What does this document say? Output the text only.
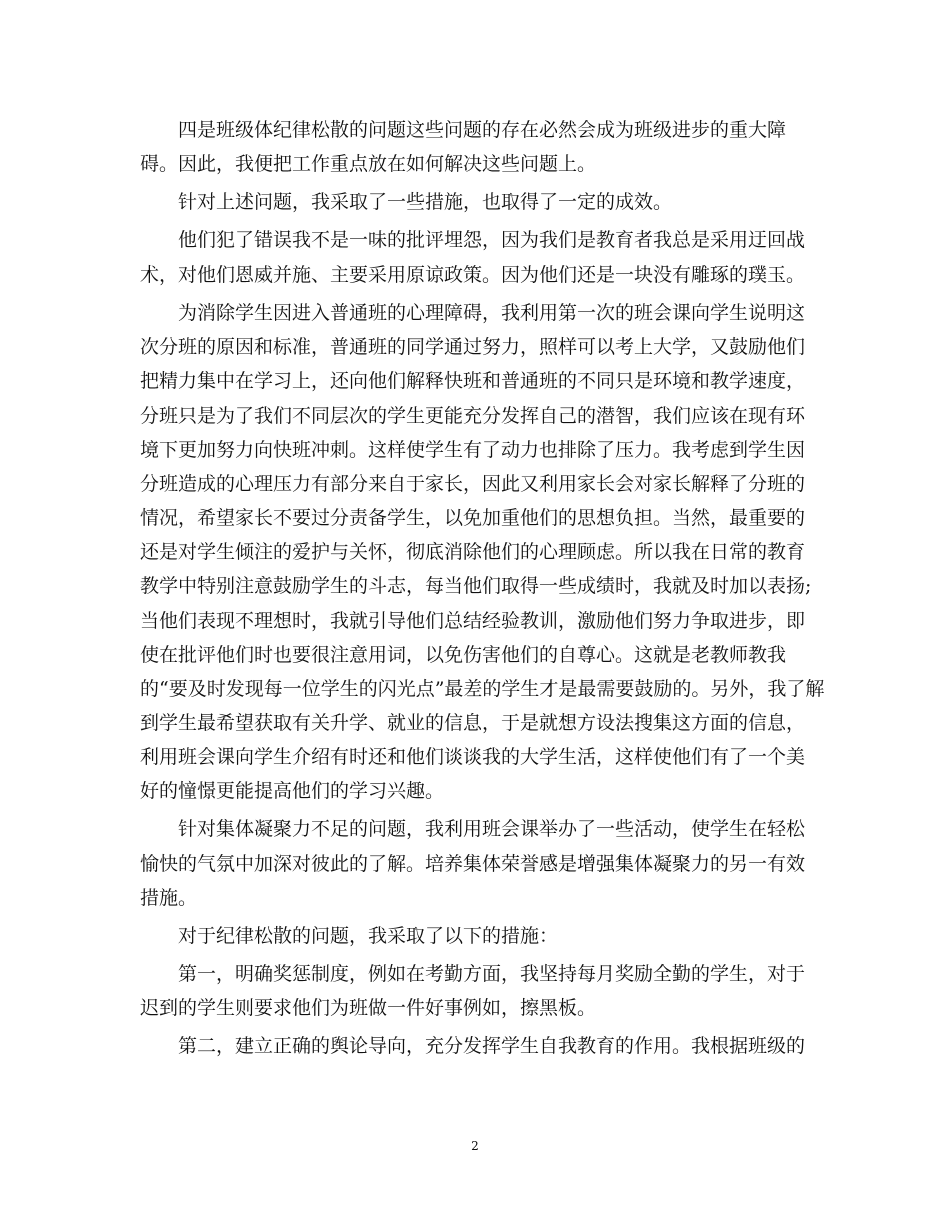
四是班级体纪律松散的问题这些问题的存在必然会成为班级进步的重大障
碍。因此，我便把工作重点放在如何解决这些问题上。
针对上述问题，我采取了一些措施，也取得了一定的成效。
他们犯了错误我不是一味的批评埋怨，因为我们是教育者我总是采用迂回战
术，对他们恩威并施、主要采用原谅政策。因为他们还是一块没有雕琢的璞玉。
为消除学生因进入普通班的心理障碍，我利用第一次的班会课向学生说明这
次分班的原因和标准，普通班的同学通过努力，照样可以考上大学，又鼓励他们
把精力集中在学习上，还向他们解释快班和普通班的不同只是环境和教学速度，
分班只是为了我们不同层次的学生更能充分发挥自己的潜智，我们应该在现有环
境下更加努力向快班冲刺。这样使学生有了动力也排除了压力。我考虑到学生因
分班造成的心理压力有部分来自于家长，因此又利用家长会对家长解释了分班的
情况，希望家长不要过分责备学生，以免加重他们的思想负担。当然，最重要的
还是对学生倾注的爱护与关怀，彻底消除他们的心理顾虑。所以我在日常的教育
教学中特别注意鼓励学生的斗志，每当他们取得一些成绩时，我就及时加以表扬;
当他们表现不理想时，我就引导他们总结经验教训，激励他们努力争取进步，即
使在批评他们时也要很注意用词，以免伤害他们的自尊心。这就是老教师教我
的“要及时发现每一位学生的闪光点”最差的学生才是最需要鼓励的。另外，我了解
到学生最希望获取有关升学、就业的信息，于是就想方设法搜集这方面的信息，
利用班会课向学生介绍有时还和他们谈谈我的大学生活，这样使他们有了一个美
好的憧憬更能提高他们的学习兴趣。
针对集体凝聚力不足的问题，我利用班会课举办了一些活动，使学生在轻松
愉快的气氛中加深对彼此的了解。培养集体荣誉感是增强集体凝聚力的另一有效
措施。
对于纪律松散的问题，我采取了以下的措施：
第一，明确奖惩制度，例如在考勤方面，我坚持每月奖励全勤的学生，对于
迟到的学生则要求他们为班做一件好事例如，擦黑板。
第二，建立正确的舆论导向，充分发挥学生自我教育的作用。我根据班级的
2
